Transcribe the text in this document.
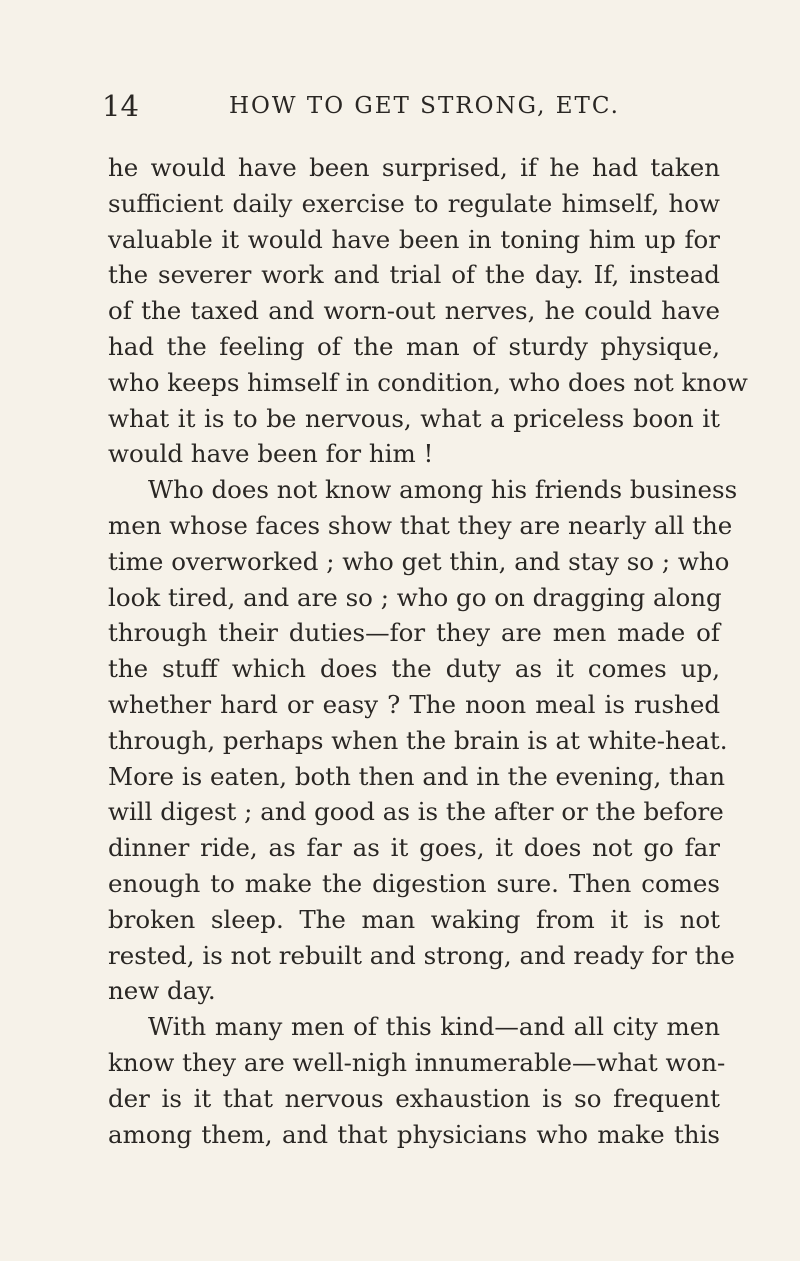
14	HOW TO GET STRONG, ETC.
he would have been surprised, if he had taken
sufficient daily exercise to regulate himself, how
valuable it would have been in toning him up for
the severer work and trial of the day. If, instead
of the taxed and worn-out nerves, he could have
had the feeling of the man of sturdy physique,
who keeps himself in condition, who does not know
what it is to be nervous, what a priceless boon it
would have been for him !
Who does not know among his friends business
men whose faces show that they are nearly all the
time overworked ; who get thin, and stay so ; who
look tired, and are so ; who go on dragging along
through their duties—for they are men made of
the stuff which does the duty as it comes up,
whether hard or easy ? The noon meal is rushed
through, perhaps when the brain is at white-heat.
More is eaten, both then and in the evening, than
will digest ; and good as is the after or the before
dinner ride, as far as it goes, it does not go far
enough to make the digestion sure. Then comes
broken sleep. The man waking from it is not
rested, is not rebuilt and strong, and ready for the
new day.
With many men of this kind—and all city men
know they are well-nigh innumerable—what won-
der is it that nervous exhaustion is so frequent
among them, and that physicians who make this
